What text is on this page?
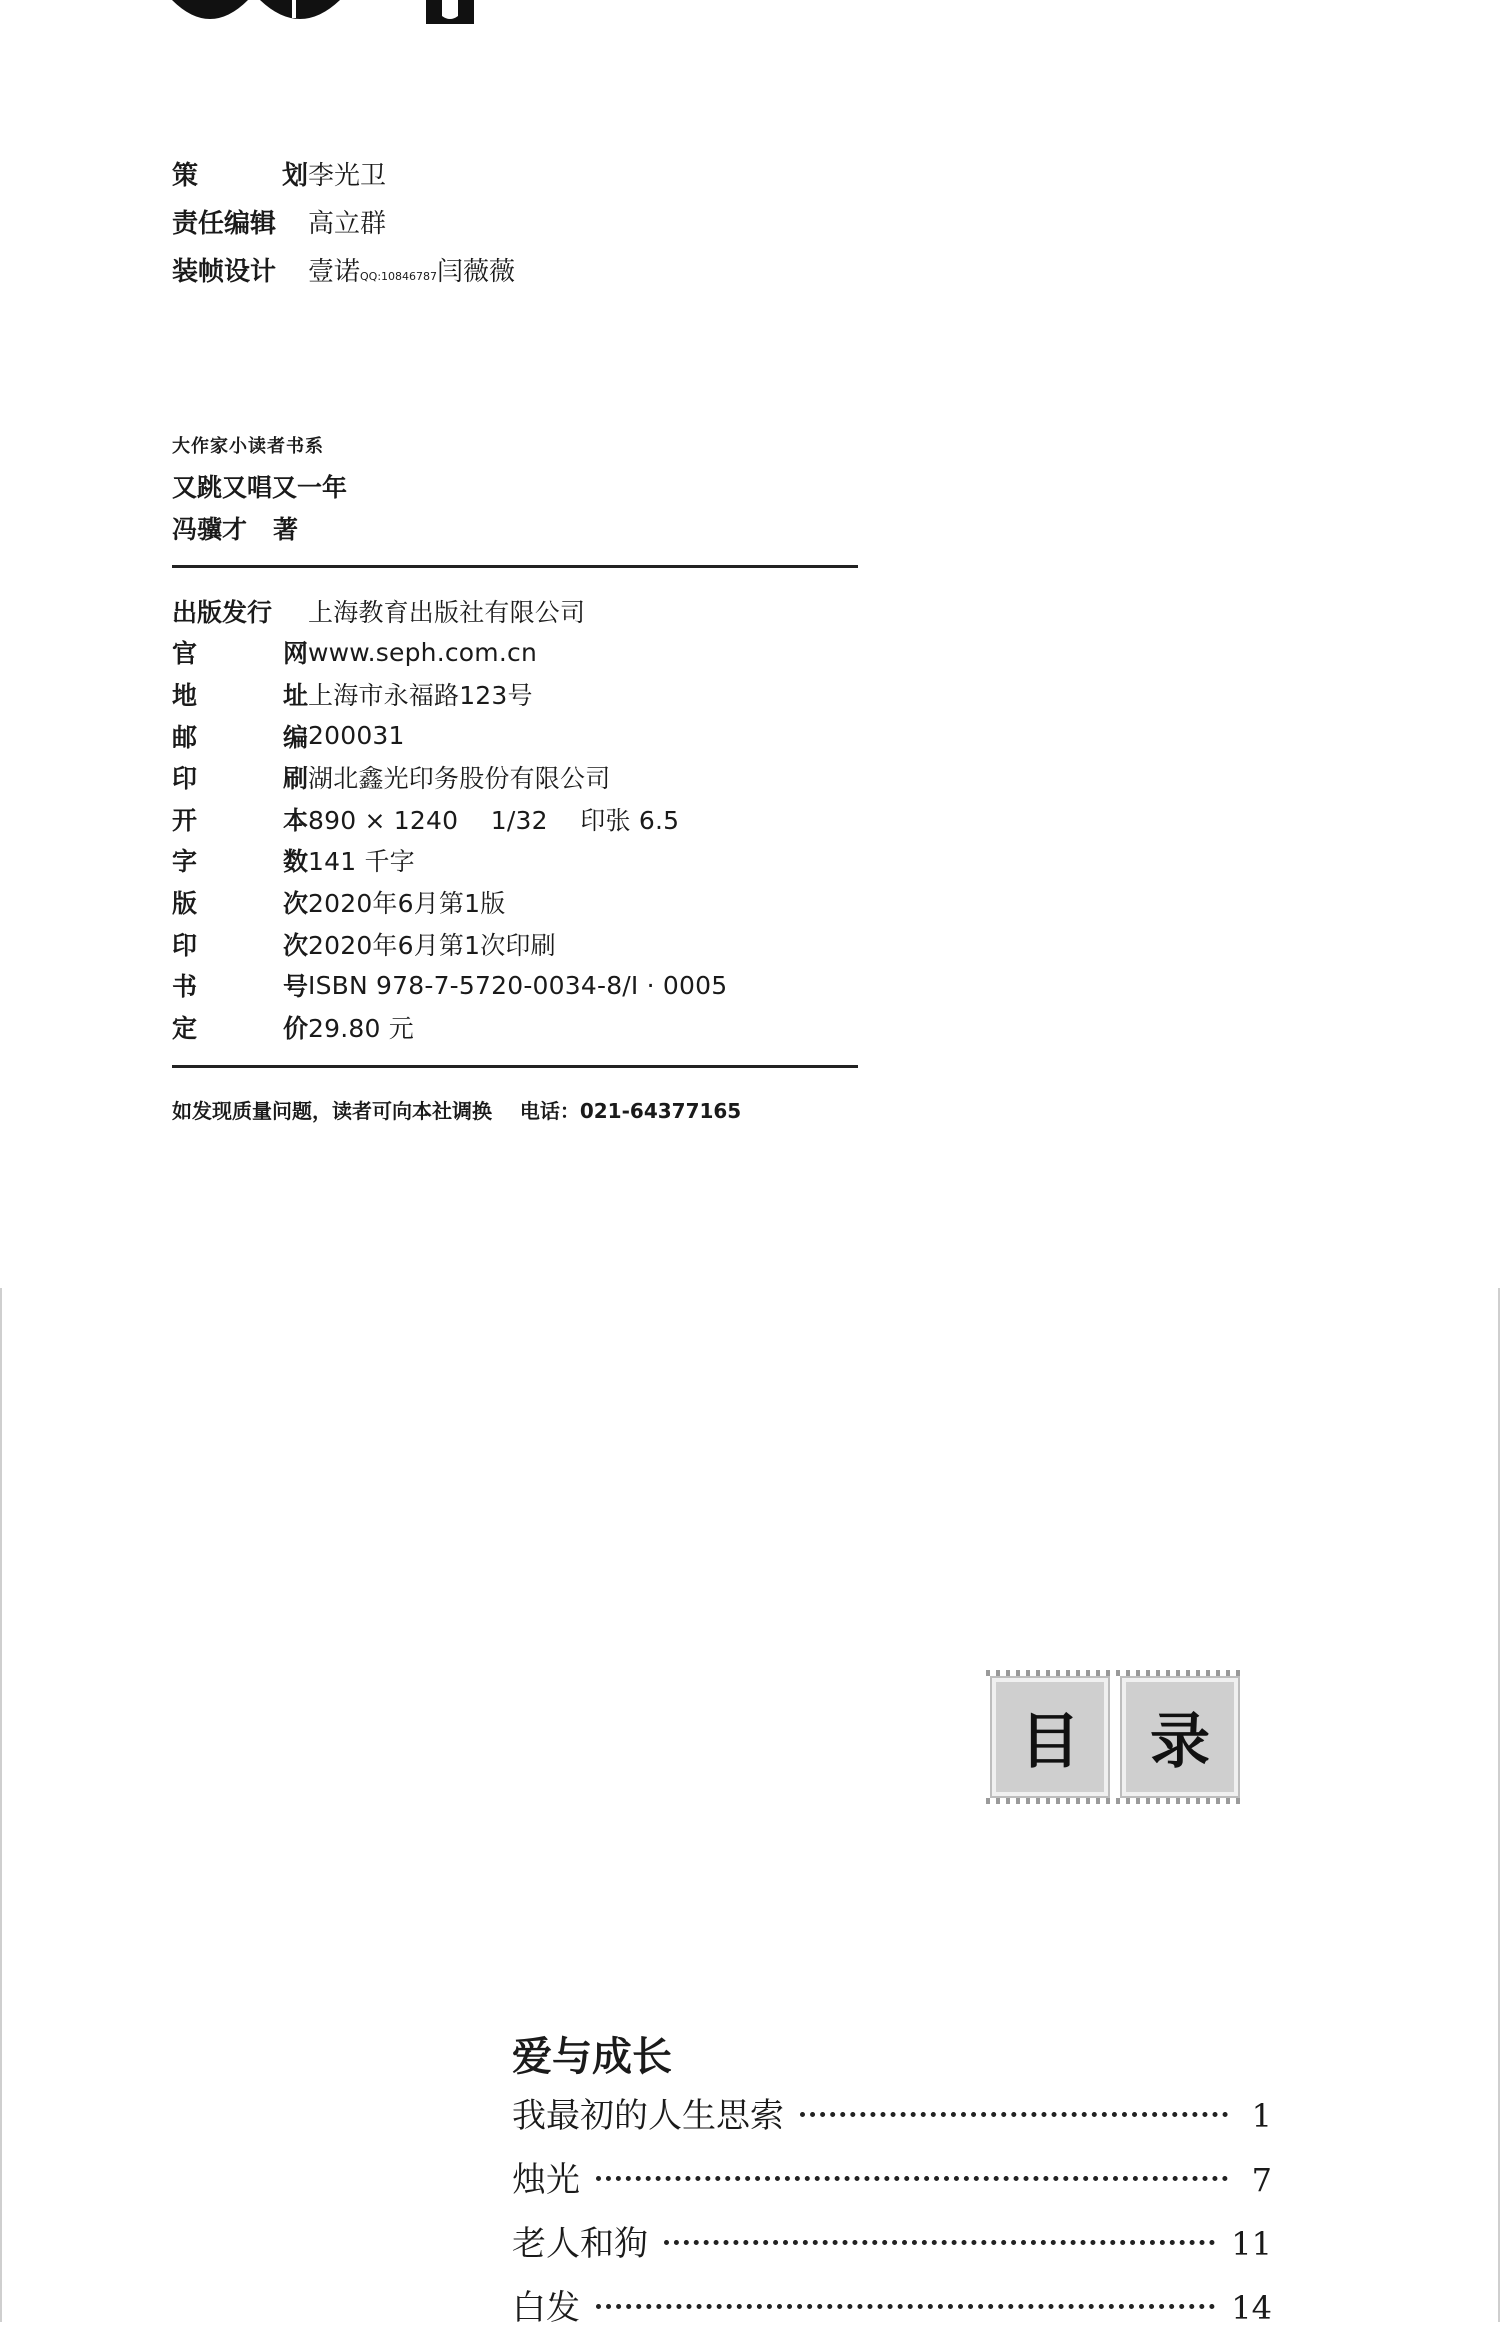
策	划 李光卫
责任编辑	高立群
装帧设计	壹诺QQ:10846787闫薇薇
大作家小读者书系
又跳又唱又一年
冯骥才 著
出版发行	上海教育出版社有限公司
官	网 www.seph.com.cn
地	址 上海市永福路123号
邮	编 200031
印	刷 湖北鑫光印务股份有限公司
开	本 890 × 1240    1/32    印张 6.5
字	数 141 千字
版	次 2020年6月第1版
印	次 2020年6月第1次印刷
书	号 ISBN 978-7-5720-0034-8/I · 0005
定	价 29.80 元
如发现质量问题，读者可向本社调换    电话：021-64377165
目	录
爱与成长
我最初的人生思索	1
烛光	7
老人和狗	11
白发	14
